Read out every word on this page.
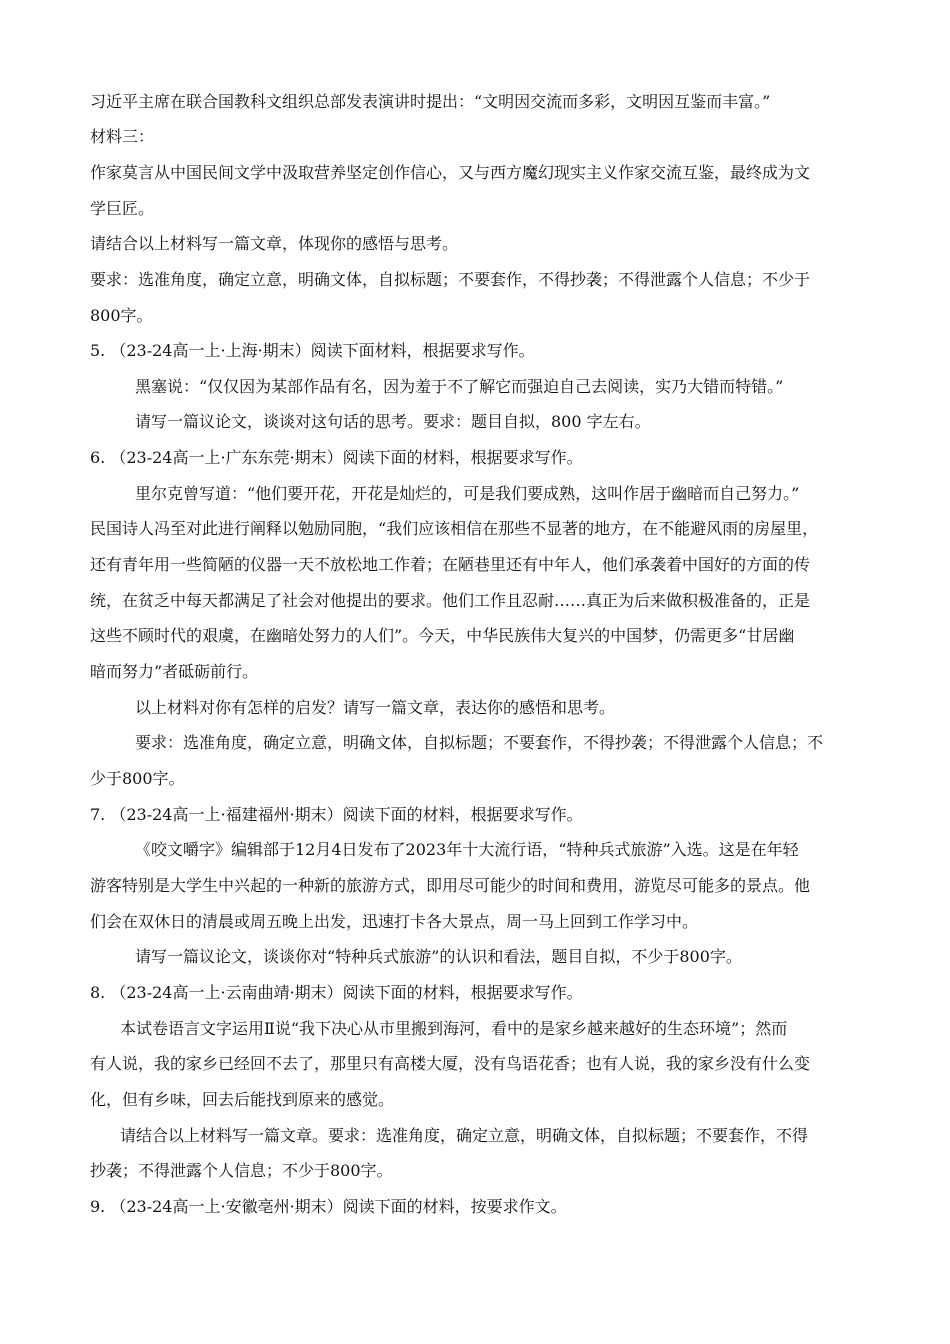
习近平主席在联合国教科文组织总部发表演讲时提出：“文明因交流而多彩，文明因互鉴而丰富。”

材料三：

作家莫言从中国民间文学中汲取营养坚定创作信心，又与西方魔幻现实主义作家交流互鉴，最终成为文

学巨匠。

请结合以上材料写一篇文章，体现你的感悟与思考。

要求：选准角度，确定立意，明确文体，自拟标题；不要套作，不得抄袭；不得泄露个人信息；不少于

800字。

5. （23-24高一上·上海·期末）阅读下面材料，根据要求写作。

黑塞说：“仅仅因为某部作品有名，因为羞于不了解它而强迫自己去阅读，实乃大错而特错。”

请写一篇议论文，谈谈对这句话的思考。要求：题目自拟，800 字左右。

6. （23-24高一上·广东东莞·期末）阅读下面的材料，根据要求写作。

里尔克曾写道：“他们要开花，开花是灿烂的，可是我们要成熟，这叫作居于幽暗而自己努力。”

民国诗人冯至对此进行阐释以勉励同胞，“我们应该相信在那些不显著的地方，在不能避风雨的房屋里，

还有青年用一些简陋的仪器一天不放松地工作着；在陋巷里还有中年人，他们承袭着中国好的方面的传

统，在贫乏中每天都满足了社会对他提出的要求。他们工作且忍耐……真正为后来做积极准备的，正是

这些不顾时代的艰虞，在幽暗处努力的人们”。今天，中华民族伟大复兴的中国梦，仍需更多“甘居幽

暗而努力”者砥砺前行。

以上材料对你有怎样的启发？请写一篇文章，表达你的感悟和思考。

要求：选准角度，确定立意，明确文体，自拟标题；不要套作，不得抄袭；不得泄露个人信息；不

少于800字。

7. （23-24高一上·福建福州·期末）阅读下面的材料，根据要求写作。

《咬文嚼字》编辑部于12月4日发布了2023年十大流行语，“特种兵式旅游”入选。这是在年轻

游客特别是大学生中兴起的一种新的旅游方式，即用尽可能少的时间和费用，游览尽可能多的景点。他

们会在双休日的清晨或周五晚上出发，迅速打卡各大景点，周一马上回到工作学习中。

请写一篇议论文，谈谈你对“特种兵式旅游”的认识和看法，题目自拟，不少于800字。

8. （23-24高一上·云南曲靖·期末）阅读下面的材料，根据要求写作。

本试卷语言文字运用Ⅱ说“我下决心从市里搬到海河，看中的是家乡越来越好的生态环境”；然而

有人说，我的家乡已经回不去了，那里只有高楼大厦，没有鸟语花香；也有人说，我的家乡没有什么变

化，但有乡味，回去后能找到原来的感觉。

请结合以上材料写一篇文章。要求：选准角度，确定立意，明确文体，自拟标题；不要套作，不得

抄袭；不得泄露个人信息；不少于800字。

9. （23-24高一上·安徽亳州·期末）阅读下面的材料，按要求作文。
